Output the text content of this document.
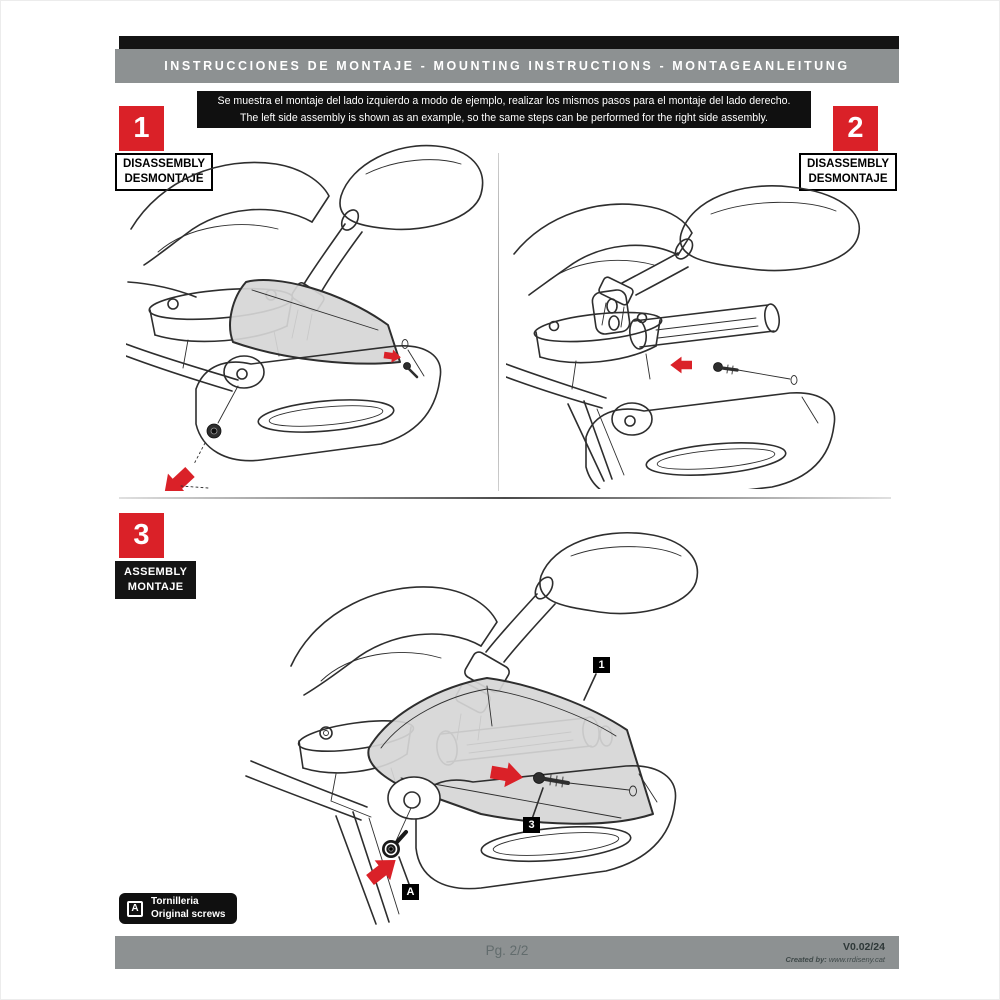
INSTRUCCIONES DE MONTAJE - MOUNTING INSTRUCTIONS - MONTAGEANLEITUNG
Se muestra el montaje del lado izquierdo a modo de ejemplo, realizar los mismos pasos para el montaje del lado derecho.
The left side assembly is shown as an example, so the same steps can be performed for the right side assembly.
1
DISASSEMBLY
DESMONTAJE
2
DISASSEMBLY
DESMONTAJE
3
ASSEMBLY
MONTAJE
1
3
A
A
Tornilleria
Original screws
Pg. 2/2	V0.02/24
Created by: www.rrdiseny.cat
